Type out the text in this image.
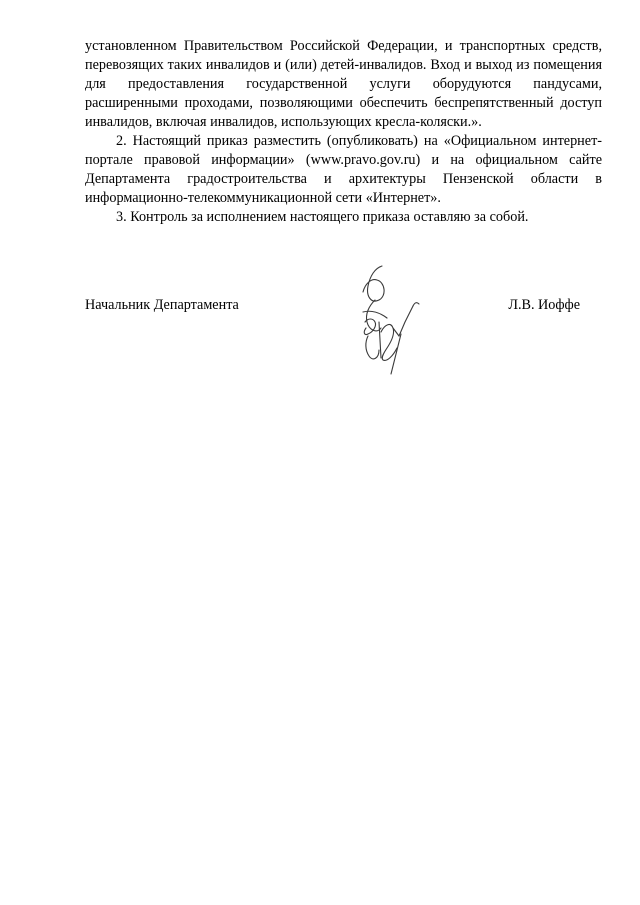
установленном Правительством Российской Федерации, и транспортных средств, перевозящих таких инвалидов и (или) детей-инвалидов. Вход и выход из помещения для предоставления государственной услуги оборудуются пандусами, расширенными проходами, позволяющими обеспечить беспрепятственный доступ инвалидов, включая инвалидов, использующих кресла-коляски.».

2. Настоящий приказ разместить (опубликовать) на «Официальном интернет-портале правовой информации» (www.pravo.gov.ru) и на официальном сайте Департамента градостроительства и архитектуры Пензенской области в информационно-телекоммуникационной сети «Интернет».

3. Контроль за исполнением настоящего приказа оставляю за собой.

Начальник Департамента	Л.В. Иоффе
